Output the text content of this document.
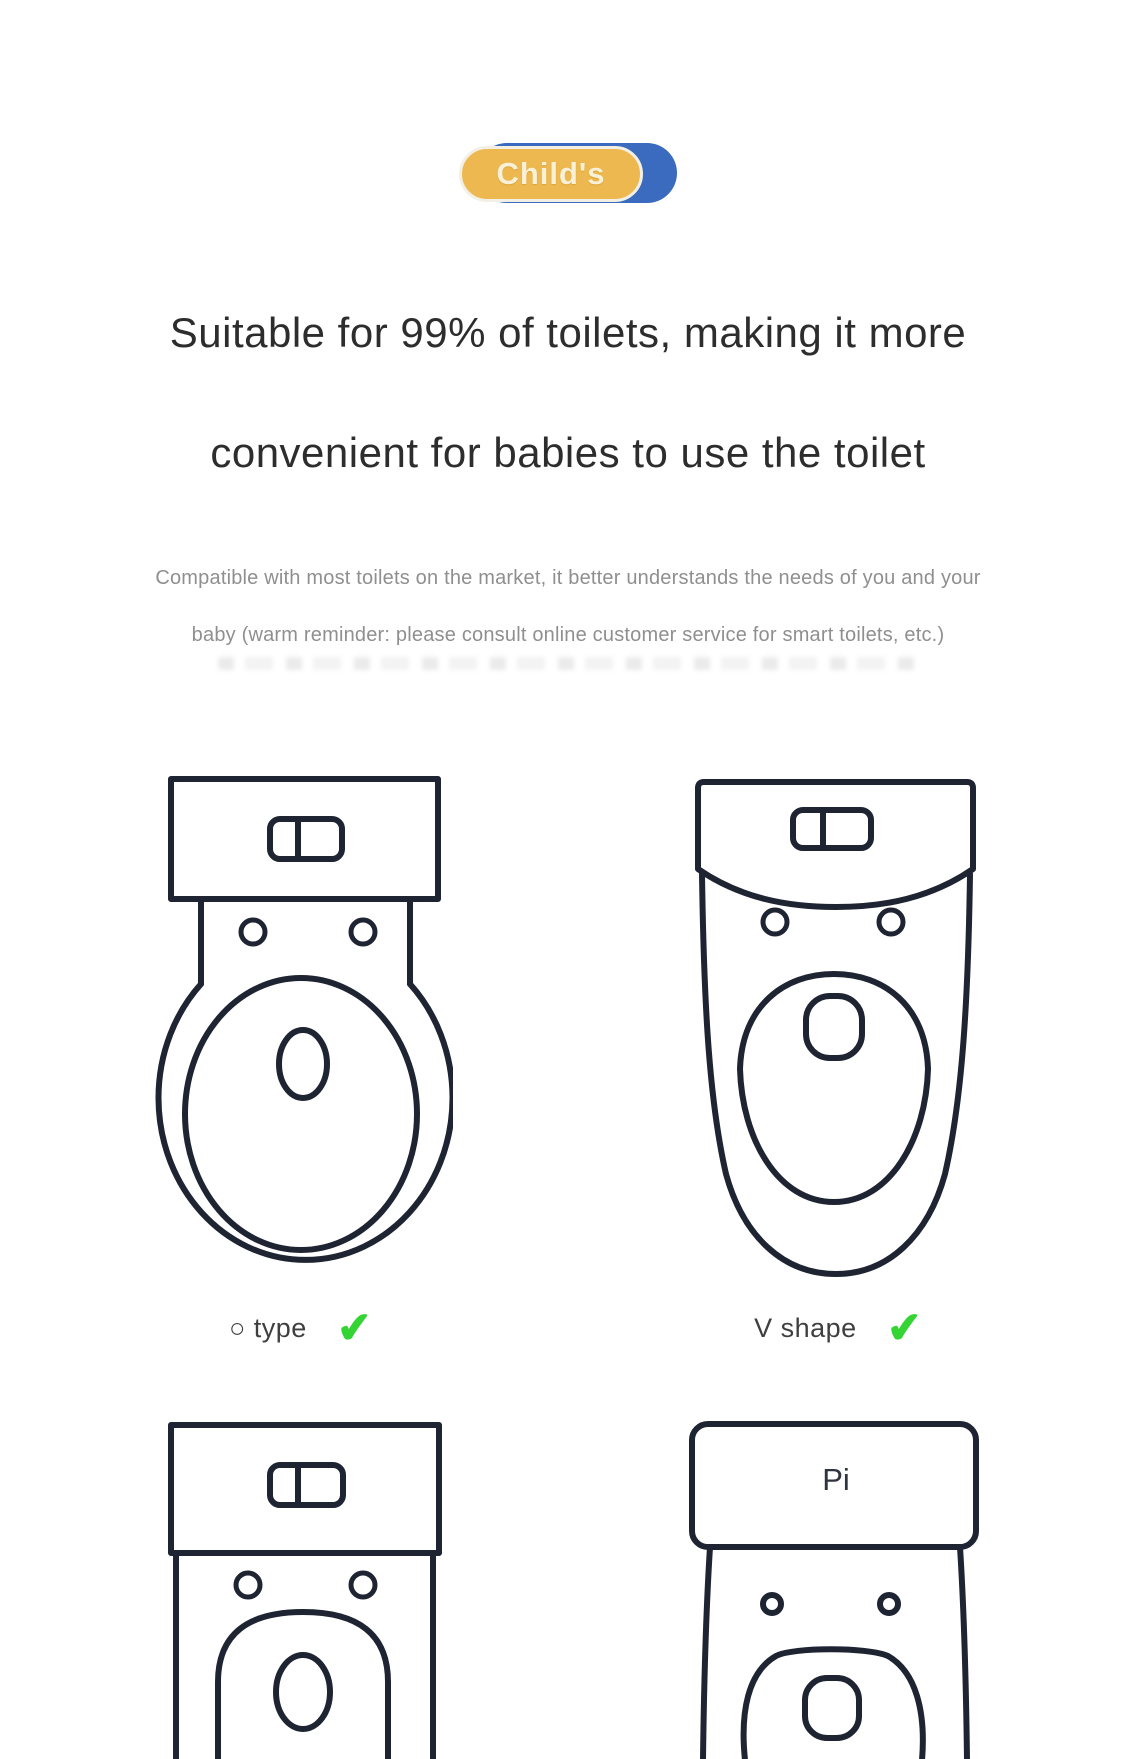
Child's
Suitable for 99% of toilets, making it more
convenient for babies to use the toilet
Compatible with most toilets on the market, it better understands the needs of you and your
baby (warm reminder: please consult online customer service for smart toilets, etc.)
○ type ✔	V shape ✔
Pi
